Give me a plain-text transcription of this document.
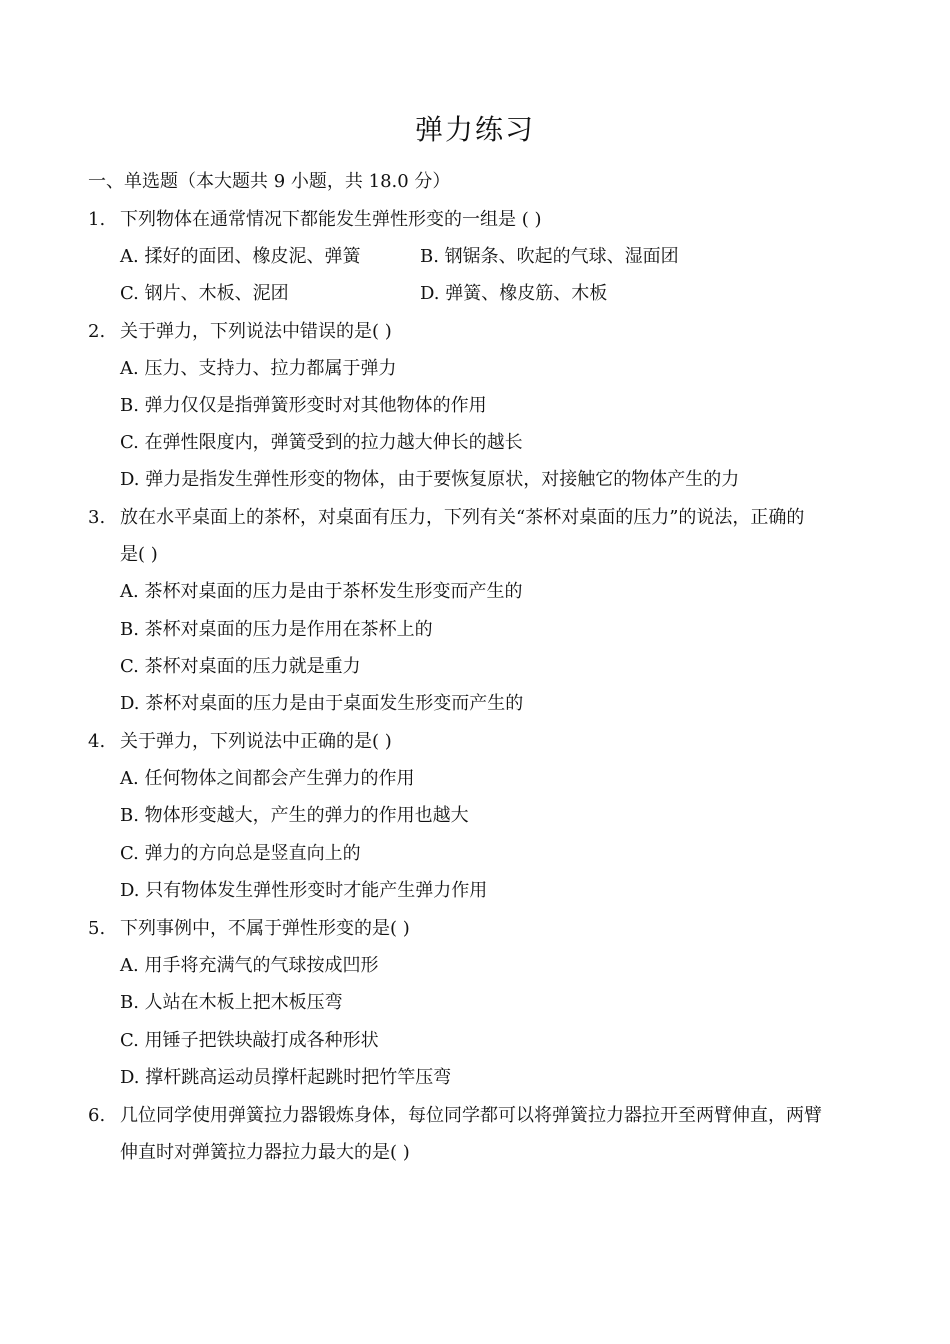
弹力练习
一、单选题（本大题共 9 小题，共 18.0 分）
1. 下列物体在通常情况下都能发生弹性形变的一组是 ( )
A. 揉好的面团、橡皮泥、弹簧	B. 钢锯条、吹起的气球、湿面团
C. 钢片、木板、泥团	D. 弹簧、橡皮筋、木板
2. 关于弹力，下列说法中错误的是( )
A. 压力、支持力、拉力都属于弹力
B. 弹力仅仅是指弹簧形变时对其他物体的作用
C. 在弹性限度内，弹簧受到的拉力越大伸长的越长
D. 弹力是指发生弹性形变的物体，由于要恢复原状，对接触它的物体产生的力
3. 放在水平桌面上的茶杯，对桌面有压力，下列有关“茶杯对桌面的压力”的说法，正确的
是( )
A. 茶杯对桌面的压力是由于茶杯发生形变而产生的
B. 茶杯对桌面的压力是作用在茶杯上的
C. 茶杯对桌面的压力就是重力
D. 茶杯对桌面的压力是由于桌面发生形变而产生的
4. 关于弹力，下列说法中正确的是( )
A. 任何物体之间都会产生弹力的作用
B. 物体形变越大，产生的弹力的作用也越大
C. 弹力的方向总是竖直向上的
D. 只有物体发生弹性形变时才能产生弹力作用
5. 下列事例中，不属于弹性形变的是( )
A. 用手将充满气的气球按成凹形
B. 人站在木板上把木板压弯
C. 用锤子把铁块敲打成各种形状
D. 撑杆跳高运动员撑杆起跳时把竹竿压弯
6. 几位同学使用弹簧拉力器锻炼身体，每位同学都可以将弹簧拉力器拉开至两臂伸直，两臂
伸直时对弹簧拉力器拉力最大的是( )
